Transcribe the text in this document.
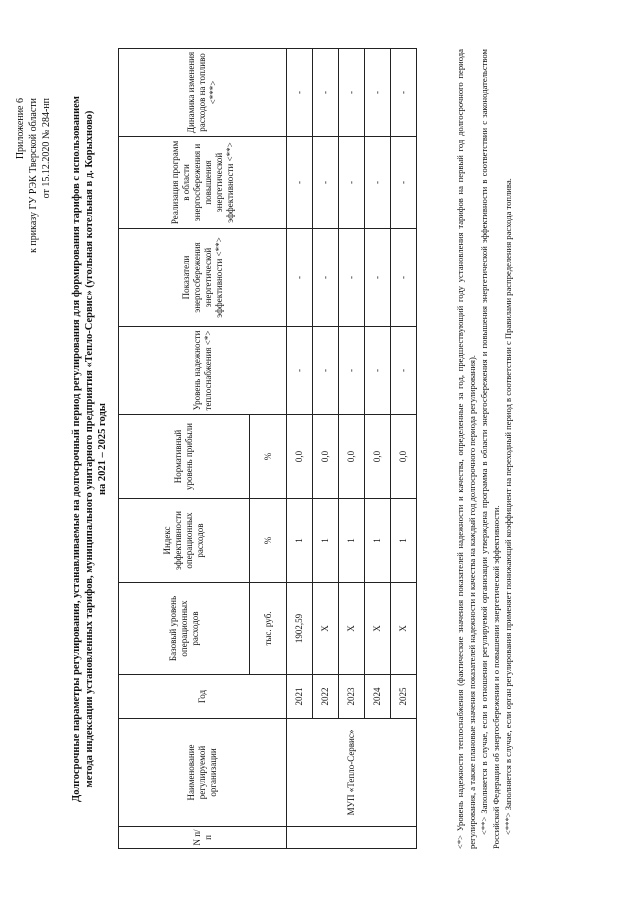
Приложение 6 к приказу ГУ РЭК Тверской области от 15.12.2020 № 284-нп Долгосрочные параметры регулирования, устанавливаемые на долгосрочный период регулирования для формирования тарифов с использованием метода индексации установленных тарифов, муниципального унитарного предприятия «Тепло-Сервис» (угольная котельная в д. Корыхново) на 2021 – 2025 годы
N п/п	Наименование регулируемой организации	Год	Базовый уровень операционных расходов	Индекс эффективности операционных расходов	Нормативный уровень прибыли	Уровень надежности теплоснабжения <*>	Показатели энергосбережения энергетической эффективности <**>	Реализация программ в области энергосбережения и повышения энергетической эффективности <**>	Динамика изменения расходов на топливо <***>
			тыс. руб.	%	%				
	МУП «Тепло-Сервис»	2021	1902,59	1	0,0	-	-	-	-
		2022	X	1	0,0	-	-	-	-
		2023	X	1	0,0	-	-	-	-
		2024	X	1	0,0	-	-	-	-
		2025	X	1	0,0	-	-	-	-	<*> Уровень надежности теплоснабжения (фактические значения показателей надежности и качества, определенные за год, предшествующий году установления тарифов на первый год долгосрочного периода регулирования, а также плановые значения показателей надежности и качества на каждый год долгосрочного периода регулирования). <**> Заполняется в случае, если в отношении регулируемой организации утверждена программа в области энергосбережения и повышения энергетической эффективности в соответствии с законодательством Российской Федерации об энергосбережении и о повышении энергетической эффективности. <***> Заполняется в случае, если орган регулирования применяет понижающий коэффициент на переходный период в соответствии с Правилами распределения расхода топлива.
